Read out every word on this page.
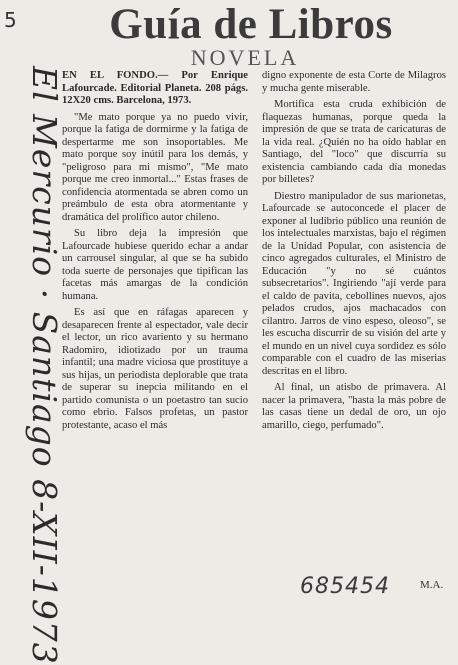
5
El Mercurio · Santiago 8-XII-1973
Guía de Libros
NOVELA

EN EL FONDO.— Por Enrique Lafourcade. Editorial Planeta. 208 págs. 12X20 cms. Barcelona, 1973.

"Me mato porque ya no puedo vivir, porque la fatiga de dormirme y la fatiga de despertarme me son insoportables. Me mato porque soy inútil para los demás, y "peligroso para mi mismo", "Me mato porque me creo inmortal..." Estas frases de confidencia atormentada se abren como un preámbulo de esta obra atormentante y dramática del prolífico autor chileno.

Su libro deja la impresión que Lafourcade hubiese querido echar a andar un carrousel singular, al que se ha subido toda suerte de personajes que tipifican las facetas más amargas de la condición humana.

Es así que en ráfagas aparecen y desaparecen frente al espectador, vale decir el lector, un rico avariento y su hermano Radomiro, idiotizado por un trauma infantil; una madre viciosa que prostituye a sus hijas, un periodista deplorable que trata de superar su inepcia militando en el partido comunista o un poetastro tan sucio como ebrio. Falsos profetas, un pastor protestante, acaso el más

digno exponente de esta Corte de Milagros y mucha gente miserable.

Mortifica esta cruda exhibición de flaquezas humanas, porque queda la impresión de que se trata de caricaturas de la vida real. ¿Quién no ha oído hablar en Santiago, del "loco" que discurría su existencia cambiando cada día monedas por billetes?

Diestro manipulador de sus marionetas, Lafourcade se autoconcede el placer de exponer al ludibrio público una reunión de los intelectuales marxistas, bajo el régimen de la Unidad Popular, con asistencia de cinco agregados culturales, el Ministro de Educación "y no sé cuántos subsecretarios". Ingiriendo "ají verde para el caldo de pavita, cebollines nuevos, ajos pelados crudos, ajos machacados con cilantro. Jarros de vino espeso, oleoso", se les escucha discurrir de su visión del arte y el mundo en un nivel cuya sordidez es sólo comparable con el cuadro de las miserias descritas en el libro.

Al final, un atisbo de primavera. Al nacer la primavera, "hasta la más pobre de las casas tiene un dedal de oro, un ojo amarillo, ciego, perfumado".

685454	M.A.
